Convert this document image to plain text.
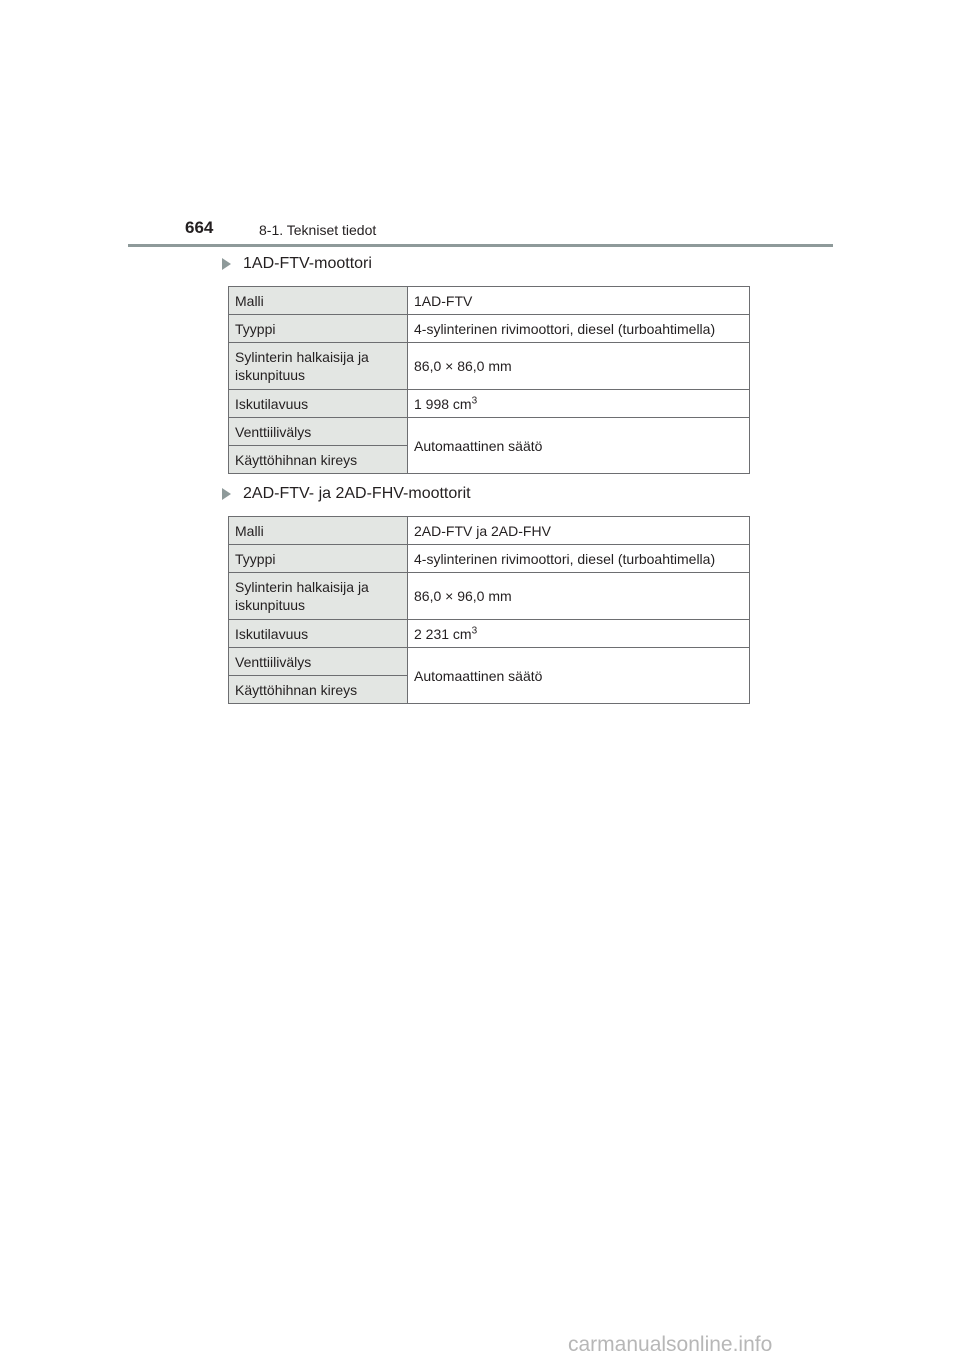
664	8-1. Tekniset tiedot
1AD-FTV-moottori
Malli	1AD-FTV
Tyyppi	4-sylinterinen rivimoottori, diesel (turboahtimella)
Sylinterin halkaisija ja iskunpituus	86,0 × 86,0 mm
Iskutilavuus	1 998 $cm^3$
Venttiilivälys	Automaattinen säätö
Käyttöhihnan kireys	
2AD-FTV- ja 2AD-FHV-moottorit
Malli	2AD-FTV ja 2AD-FHV
Tyyppi	4-sylinterinen rivimoottori, diesel (turboahtimella)
Sylinterin halkaisija ja iskunpituus	86,0 × 96,0 mm
Iskutilavuus	2 231 $cm^3$
Venttiilivälys	Automaattinen säätö
Käyttöhihnan kireys	
carmanualsonline.info
